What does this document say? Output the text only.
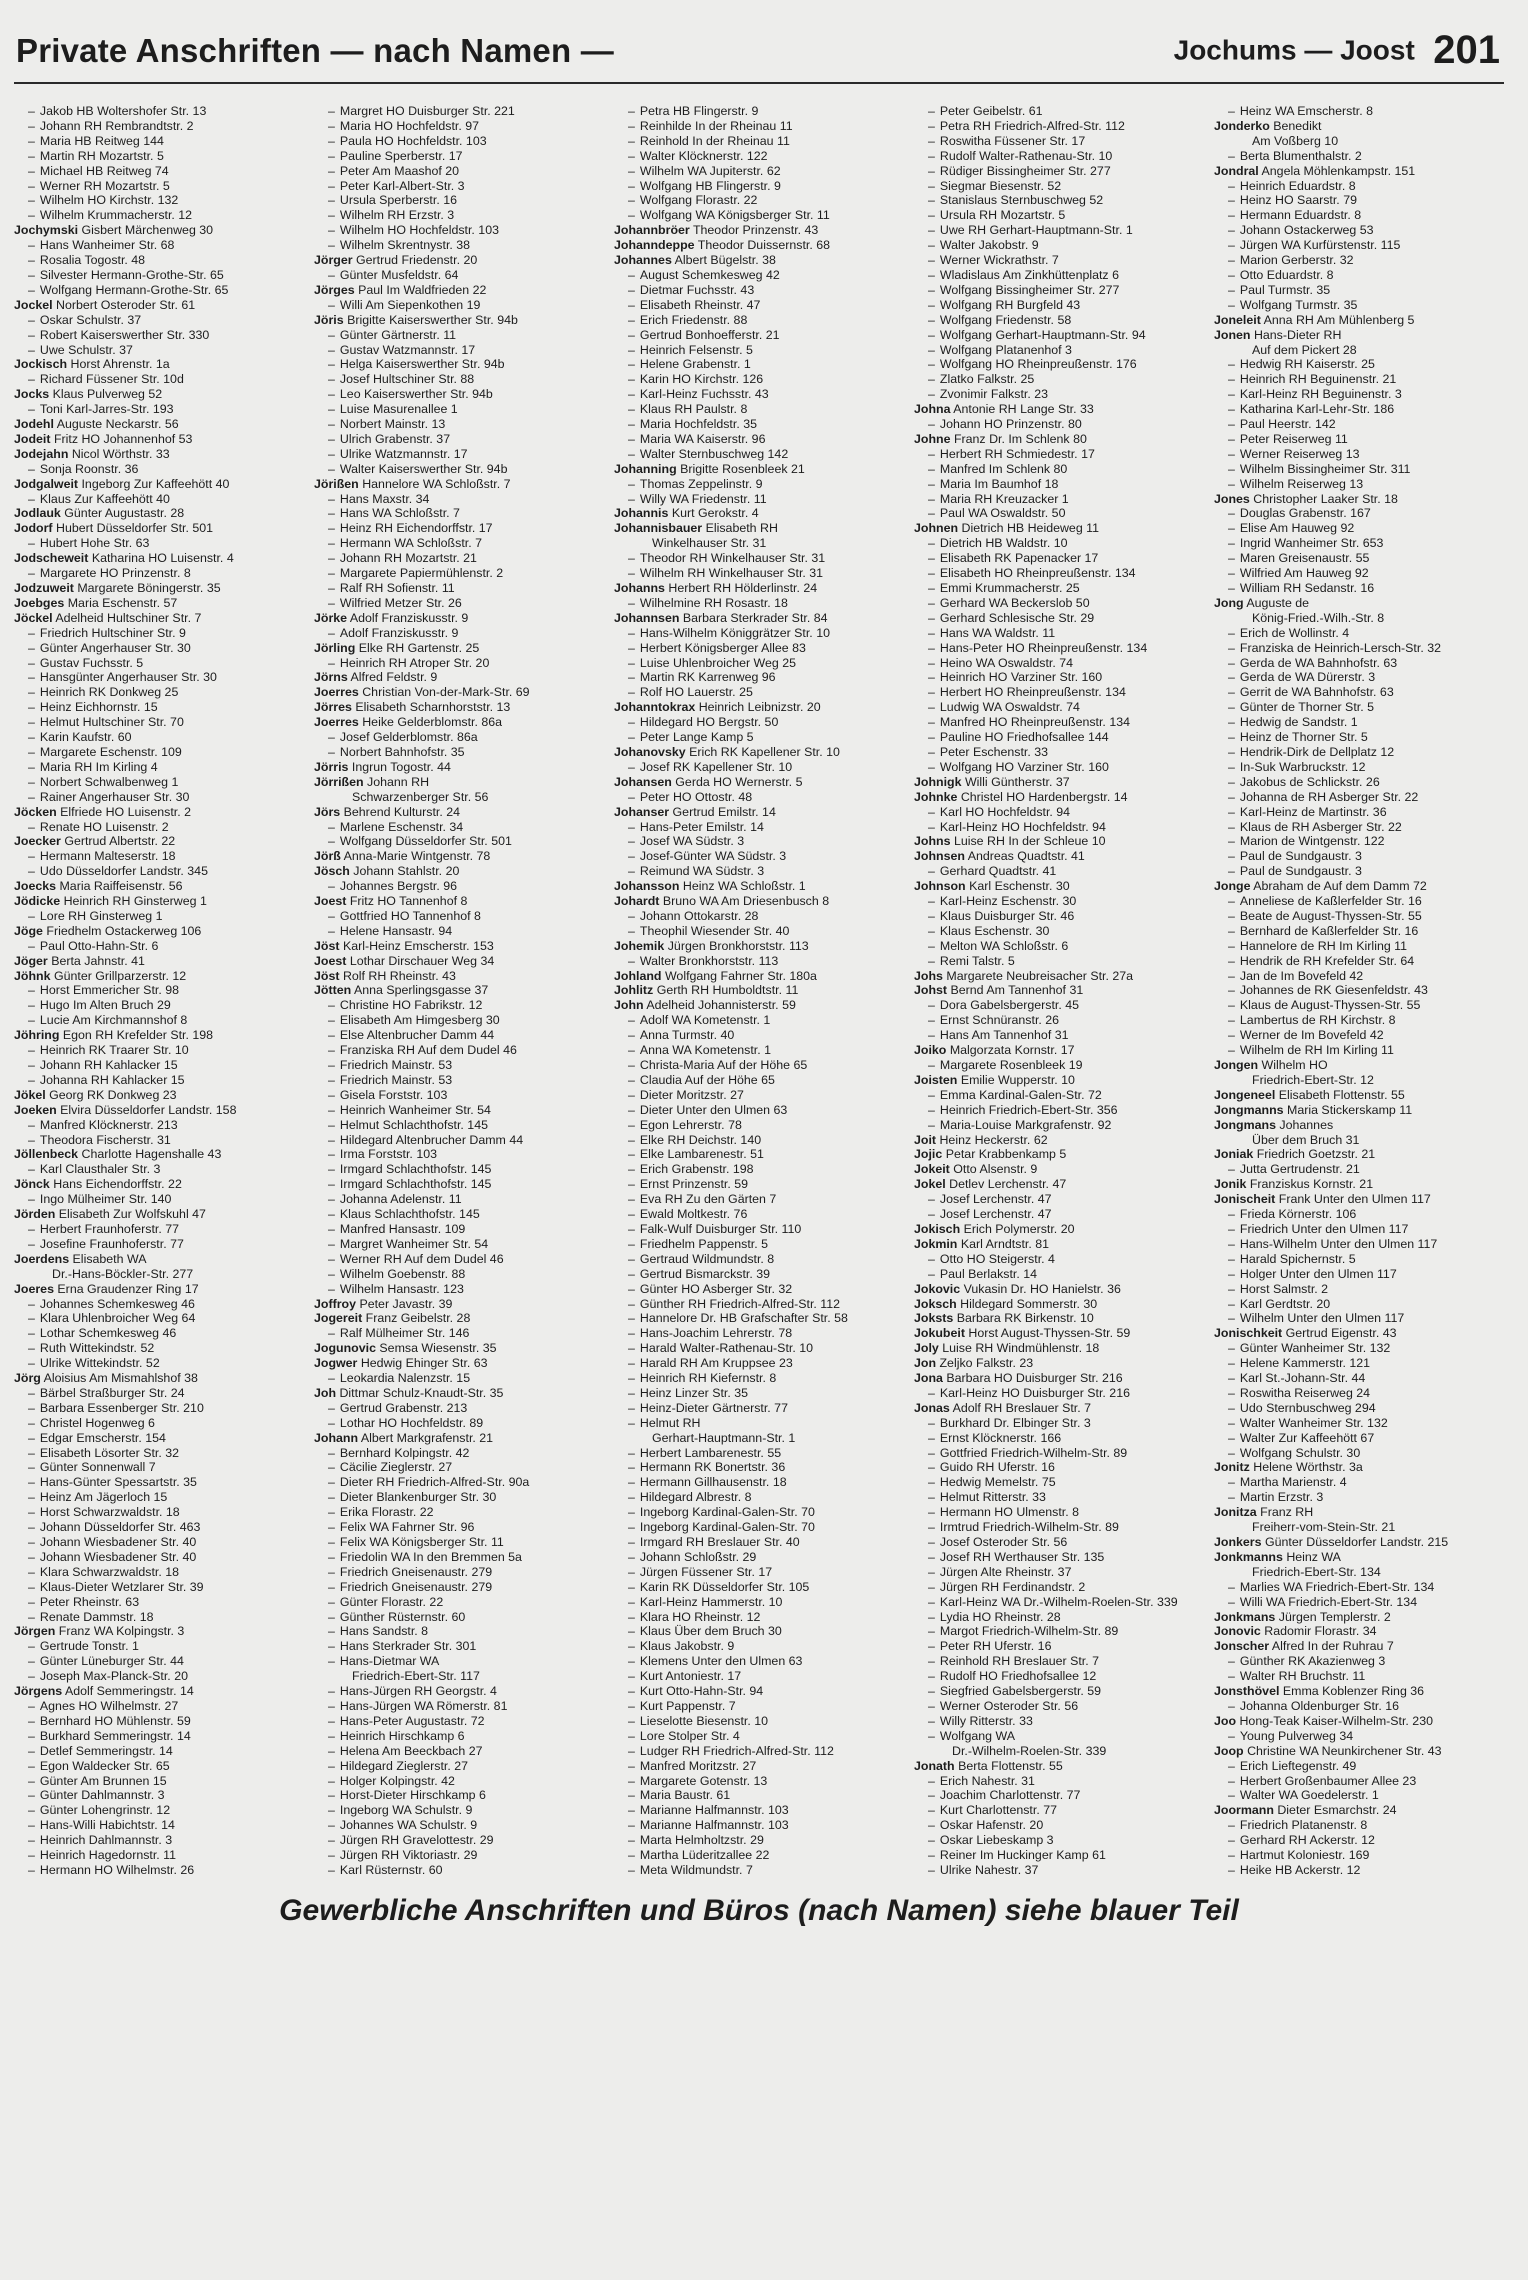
Private Anschriften — nach Namen —	Jochums — Joost 201
– Jakob HB Woltershofer Str. 13
– Johann RH Rembrandtstr. 2
– Maria HB Reitweg 144
– Martin RH Mozartstr. 5
– Michael HB Reitweg 74
– Werner RH Mozartstr. 5
– Wilhelm HO Kirchstr. 132
– Wilhelm Krummacherstr. 12
Jochymski Gisbert Märchenweg 30
– Hans Wanheimer Str. 68
– Rosalia Togostr. 48
– Silvester Hermann-Grothe-Str. 65
– Wolfgang Hermann-Grothe-Str. 65
Jockel Norbert Osteroder Str. 61
– Oskar Schulstr. 37
– Robert Kaiserswerther Str. 330
– Uwe Schulstr. 37
Jockisch Horst Ahrenstr. 1a
– Richard Füssener Str. 10d
Jocks Klaus Pulverweg 52
– Toni Karl-Jarres-Str. 193
Jodehl Auguste Neckarstr. 56
Jodeit Fritz HO Johannenhof 53
Jodejahn Nicol Wörthstr. 33
– Sonja Roonstr. 36
Jodgalweit Ingeborg Zur Kaffeehött 40
– Klaus Zur Kaffeehött 40
Jodlauk Günter Augustastr. 28
Jodorf Hubert Düsseldorfer Str. 501
– Hubert Hohe Str. 63
Jodscheweit Katharina HO Luisenstr. 4
– Margarete HO Prinzenstr. 8
Jodzuweit Margarete Böningerstr. 35
Joebges Maria Eschenstr. 57
Jöckel Adelheid Hultschiner Str. 7
– Friedrich Hultschiner Str. 9
– Günter Angerhauser Str. 30
– Gustav Fuchsstr. 5
– Hansgünter Angerhauser Str. 30
– Heinrich RK Donkweg 25
– Heinz Eichhornstr. 15
– Helmut Hultschiner Str. 70
– Karin Kaufstr. 60
– Margarete Eschenstr. 109
– Maria RH Im Kirling 4
– Norbert Schwalbenweg 1
– Rainer Angerhauser Str. 30
Jöcken Elfriede HO Luisenstr. 2
– Renate HO Luisenstr. 2
Joecker Gertrud Albertstr. 22
– Hermann Malteserstr. 18
– Udo Düsseldorfer Landstr. 345
Joecks Maria Raiffeisenstr. 56
Jödicke Heinrich RH Ginsterweg 1
– Lore RH Ginsterweg 1
Jöge Friedhelm Ostackerweg 106
– Paul Otto-Hahn-Str. 6
Jöger Berta Jahnstr. 41
Jöhnk Günter Grillparzerstr. 12
– Horst Emmericher Str. 98
– Hugo Im Alten Bruch 29
– Lucie Am Kirchmannshof 8
Jöhring Egon RH Krefelder Str. 198
– Heinrich RK Traarer Str. 10
– Johann RH Kahlacker 15
– Johanna RH Kahlacker 15
Jökel Georg RK Donkweg 23
Joeken Elvira Düsseldorfer Landstr. 158
– Manfred Klöcknerstr. 213
– Theodora Fischerstr. 31
Jöllenbeck Charlotte Hagenshalle 43
– Karl Clausthaler Str. 3
Jönck Hans Eichendorffstr. 22
– Ingo Mülheimer Str. 140
Jörden Elisabeth Zur Wolfskuhl 47
– Herbert Fraunhoferstr. 77
– Josefine Fraunhoferstr. 77
Joerdens Elisabeth WA
Dr.-Hans-Böckler-Str. 277
Joeres Erna Graudenzer Ring 17
– Johannes Schemkesweg 46
– Klara Uhlenbroicher Weg 64
– Lothar Schemkesweg 46
– Ruth Wittekindstr. 52
– Ulrike Wittekindstr. 52
Jörg Aloisius Am Mismahlshof 38
– Bärbel Straßburger Str. 24
– Barbara Essenberger Str. 210
– Christel Hogenweg 6
– Edgar Emscherstr. 154
– Elisabeth Lösorter Str. 32
– Günter Sonnenwall 7
– Hans-Günter Spessartstr. 35
– Heinz Am Jägerloch 15
– Horst Schwarzwaldstr. 18
– Johann Düsseldorfer Str. 463
– Johann Wiesbadener Str. 40
– Johann Wiesbadener Str. 40
– Klara Schwarzwaldstr. 18
– Klaus-Dieter Wetzlarer Str. 39
– Peter Rheinstr. 63
– Renate Dammstr. 18
Jörgen Franz WA Kolpingstr. 3
– Gertrude Tonstr. 1
– Günter Lüneburger Str. 44
– Joseph Max-Planck-Str. 20
Jörgens Adolf Semmeringstr. 14
– Agnes HO Wilhelmstr. 27
– Bernhard HO Mühlenstr. 59
– Burkhard Semmeringstr. 14
– Detlef Semmeringstr. 14
– Egon Waldecker Str. 65
– Günter Am Brunnen 15
– Günter Dahlmannstr. 3
– Günter Lohengrinstr. 12
– Hans-Willi Habichtstr. 14
– Heinrich Dahlmannstr. 3
– Heinrich Hagedornstr. 11
– Hermann HO Wilhelmstr. 26
– Margret HO Duisburger Str. 221
– Maria HO Hochfeldstr. 97
– Paula HO Hochfeldstr. 103
– Pauline Sperberstr. 17
– Peter Am Maashof 20
– Peter Karl-Albert-Str. 3
– Ursula Sperberstr. 16
– Wilhelm RH Erzstr. 3
– Wilhelm HO Hochfeldstr. 103
– Wilhelm Skrentnystr. 38
Jörger Gertrud Friedenstr. 20
– Günter Musfeldstr. 64
Jörges Paul Im Waldfrieden 22
– Willi Am Siepenkothen 19
Jöris Brigitte Kaiserswerther Str. 94b
– Günter Gärtnerstr. 11
– Gustav Watzmannstr. 17
– Helga Kaiserswerther Str. 94b
– Josef Hultschiner Str. 88
– Leo Kaiserswerther Str. 94b
– Luise Masurenallee 1
– Norbert Mainstr. 13
– Ulrich Grabenstr. 37
– Ulrike Watzmannstr. 17
– Walter Kaiserswerther Str. 94b
Jörißen Hannelore WA Schloßstr. 7
– Hans Maxstr. 34
– Hans WA Schloßstr. 7
– Heinz RH Eichendorffstr. 17
– Hermann WA Schloßstr. 7
– Johann RH Mozartstr. 21
– Margarete Papiermühlenstr. 2
– Ralf RH Sofienstr. 11
– Wilfried Metzer Str. 26
Jörke Adolf Franziskusstr. 9
– Adolf Franziskusstr. 9
Jörling Elke RH Gartenstr. 25
– Heinrich RH Atroper Str. 20
Jörns Alfred Feldstr. 9
Joerres Christian Von-der-Mark-Str. 69
Jörres Elisabeth Scharnhorststr. 13
Joerres Heike Gelderblomstr. 86a
– Josef Gelderblomstr. 86a
– Norbert Bahnhofstr. 35
Jörris Ingrun Togostr. 44
Jörrißen Johann RH
Schwarzenberger Str. 56
Jörs Behrend Kulturstr. 24
– Marlene Eschenstr. 34
– Wolfgang Düsseldorfer Str. 501
Jörß Anna-Marie Wintgenstr. 78
Jösch Johann Stahlstr. 20
– Johannes Bergstr. 96
Joest Fritz HO Tannenhof 8
– Gottfried HO Tannenhof 8
– Helene Hansastr. 94
Jöst Karl-Heinz Emscherstr. 153
Joest Lothar Dirschauer Weg 34
Jöst Rolf RH Rheinstr. 43
Jötten Anna Sperlingsgasse 37
– Christine HO Fabrikstr. 12
– Elisabeth Am Himgesberg 30
– Else Altenbrucher Damm 44
– Franziska RH Auf dem Dudel 46
– Friedrich Mainstr. 53
– Friedrich Mainstr. 53
– Gisela Forststr. 103
– Heinrich Wanheimer Str. 54
– Helmut Schlachthofstr. 145
– Hildegard Altenbrucher Damm 44
– Irma Forststr. 103
– Irmgard Schlachthofstr. 145
– Irmgard Schlachthofstr. 145
– Johanna Adelenstr. 11
– Klaus Schlachthofstr. 145
– Manfred Hansastr. 109
– Margret Wanheimer Str. 54
– Werner RH Auf dem Dudel 46
– Wilhelm Goebenstr. 88
– Wilhelm Hansastr. 123
Joffroy Peter Javastr. 39
Jogereit Franz Geibelstr. 28
– Ralf Mülheimer Str. 146
Jogunovic Semsa Wiesenstr. 35
Jogwer Hedwig Ehinger Str. 63
– Leokardia Nalenzstr. 15
Joh Dittmar Schulz-Knaudt-Str. 35
– Gertrud Grabenstr. 213
– Lothar HO Hochfeldstr. 89
Johann Albert Markgrafenstr. 21
– Bernhard Kolpingstr. 42
– Cäcilie Zieglerstr. 27
– Dieter RH Friedrich-Alfred-Str. 90a
– Dieter Blankenburger Str. 30
– Erika Florastr. 22
– Felix WA Fahrner Str. 96
– Felix WA Königsberger Str. 11
– Friedolin WA In den Bremmen 5a
– Friedrich Gneisenaustr. 279
– Friedrich Gneisenaustr. 279
– Günter Florastr. 22
– Günther Rüsternstr. 60
– Hans Sandstr. 8
– Hans Sterkrader Str. 301
– Hans-Dietmar WA
Friedrich-Ebert-Str. 117
– Hans-Jürgen RH Georgstr. 4
– Hans-Jürgen WA Römerstr. 81
– Hans-Peter Augustastr. 72
– Heinrich Hirschkamp 6
– Helena Am Beeckbach 27
– Hildegard Zieglerstr. 27
– Holger Kolpingstr. 42
– Horst-Dieter Hirschkamp 6
– Ingeborg WA Schulstr. 9
– Johannes WA Schulstr. 9
– Jürgen RH Gravelottestr. 29
– Jürgen RH Viktoriastr. 29
– Karl Rüsternstr. 60
– Petra HB Flingerstr. 9
– Reinhilde In der Rheinau 11
– Reinhold In der Rheinau 11
– Walter Klöcknerstr. 122
– Wilhelm WA Jupiterstr. 62
– Wolfgang HB Flingerstr. 9
– Wolfgang Florastr. 22
– Wolfgang WA Königsberger Str. 11
Johannbröer Theodor Prinzenstr. 43
Johanndeppe Theodor Duissernstr. 68
Johannes Albert Bügelstr. 38
– August Schemkesweg 42
– Dietmar Fuchsstr. 43
– Elisabeth Rheinstr. 47
– Erich Friedenstr. 88
– Gertrud Bonhoefferstr. 21
– Heinrich Felsenstr. 5
– Helene Grabenstr. 1
– Karin HO Kirchstr. 126
– Karl-Heinz Fuchsstr. 43
– Klaus RH Paulstr. 8
– Maria Hochfeldstr. 35
– Maria WA Kaiserstr. 96
– Walter Sternbuschweg 142
Johanning Brigitte Rosenbleek 21
– Thomas Zeppelinstr. 9
– Willy WA Friedenstr. 11
Johannis Kurt Gerokstr. 4
Johannisbauer Elisabeth RH
Winkelhauser Str. 31
– Theodor RH Winkelhauser Str. 31
– Wilhelm RH Winkelhauser Str. 31
Johanns Herbert RH Hölderlinstr. 24
– Wilhelmine RH Rosastr. 18
Johannsen Barbara Sterkrader Str. 84
– Hans-Wilhelm Königgrätzer Str. 10
– Herbert Königsberger Allee 83
– Luise Uhlenbroicher Weg 25
– Martin RK Karrenweg 96
– Rolf HO Lauerstr. 25
Johanntokrax Heinrich Leibnizstr. 20
– Hildegard HO Bergstr. 50
– Peter Lange Kamp 5
Johanovsky Erich RK Kapellener Str. 10
– Josef RK Kapellener Str. 10
Johansen Gerda HO Wernerstr. 5
– Peter HO Ottostr. 48
Johanser Gertrud Emilstr. 14
– Hans-Peter Emilstr. 14
– Josef WA Südstr. 3
– Josef-Günter WA Südstr. 3
– Reimund WA Südstr. 3
Johansson Heinz WA Schloßstr. 1
Johardt Bruno WA Am Driesenbusch 8
– Johann Ottokarstr. 28
– Theophil Wiesender Str. 40
Johemik Jürgen Bronkhorststr. 113
– Walter Bronkhorststr. 113
Johland Wolfgang Fahrner Str. 180a
Johlitz Gerth RH Humboldtstr. 11
John Adelheid Johannisterstr. 59
– Adolf WA Kometenstr. 1
– Anna Turmstr. 40
– Anna WA Kometenstr. 1
– Christa-Maria Auf der Höhe 65
– Claudia Auf der Höhe 65
– Dieter Moritzstr. 27
– Dieter Unter den Ulmen 63
– Egon Lehrerstr. 78
– Elke RH Deichstr. 140
– Elke Lambarenestr. 51
– Erich Grabenstr. 198
– Ernst Prinzenstr. 59
– Eva RH Zu den Gärten 7
– Ewald Moltkestr. 76
– Falk-Wulf Duisburger Str. 110
– Friedhelm Pappenstr. 5
– Gertraud Wildmundstr. 8
– Gertrud Bismarckstr. 39
– Günter HO Asberger Str. 32
– Günther RH Friedrich-Alfred-Str. 112
– Hannelore Dr. HB Grafschafter Str. 58
– Hans-Joachim Lehrerstr. 78
– Harald Walter-Rathenau-Str. 10
– Harald RH Am Kruppsee 23
– Heinrich RH Kiefernstr. 8
– Heinz Linzer Str. 35
– Heinz-Dieter Gärtnerstr. 77
– Helmut RH
Gerhart-Hauptmann-Str. 1
– Herbert Lambarenestr. 55
– Hermann RK Bonertstr. 36
– Hermann Gillhausenstr. 18
– Hildegard Albrestr. 8
– Ingeborg Kardinal-Galen-Str. 70
– Ingeborg Kardinal-Galen-Str. 70
– Irmgard RH Breslauer Str. 40
– Johann Schloßstr. 29
– Jürgen Füssener Str. 17
– Karin RK Düsseldorfer Str. 105
– Karl-Heinz Hammerstr. 10
– Klara HO Rheinstr. 12
– Klaus Über dem Bruch 30
– Klaus Jakobstr. 9
– Klemens Unter den Ulmen 63
– Kurt Antoniestr. 17
– Kurt Otto-Hahn-Str. 94
– Kurt Pappenstr. 7
– Lieselotte Biesenstr. 10
– Lore Stolper Str. 4
– Ludger RH Friedrich-Alfred-Str. 112
– Manfred Moritzstr. 27
– Margarete Gotenstr. 13
– Maria Baustr. 61
– Marianne Halfmannstr. 103
– Marianne Halfmannstr. 103
– Marta Helmholtzstr. 29
– Martha Lüderitzallee 22
– Meta Wildmundstr. 7
– Peter Geibelstr. 61
– Petra RH Friedrich-Alfred-Str. 112
– Roswitha Füssener Str. 17
– Rudolf Walter-Rathenau-Str. 10
– Rüdiger Bissingheimer Str. 277
– Siegmar Biesenstr. 52
– Stanislaus Sternbuschweg 52
– Ursula RH Mozartstr. 5
– Uwe RH Gerhart-Hauptmann-Str. 1
– Walter Jakobstr. 9
– Werner Wickrathstr. 7
– Wladislaus Am Zinkhüttenplatz 6
– Wolfgang Bissingheimer Str. 277
– Wolfgang RH Burgfeld 43
– Wolfgang Friedenstr. 58
– Wolfgang Gerhart-Hauptmann-Str. 94
– Wolfgang Platanenhof 3
– Wolfgang HO Rheinpreußenstr. 176
– Zlatko Falkstr. 25
– Zvonimir Falkstr. 23
Johna Antonie RH Lange Str. 33
– Johann HO Prinzenstr. 80
Johne Franz Dr. Im Schlenk 80
– Herbert RH Schmiedestr. 17
– Manfred Im Schlenk 80
– Maria Im Baumhof 18
– Maria RH Kreuzacker 1
– Paul WA Oswaldstr. 50
Johnen Dietrich HB Heideweg 11
– Dietrich HB Waldstr. 10
– Elisabeth RK Papenacker 17
– Elisabeth HO Rheinpreußenstr. 134
– Emmi Krummacherstr. 25
– Gerhard WA Beckerslob 50
– Gerhard Schlesische Str. 29
– Hans WA Waldstr. 11
– Hans-Peter HO Rheinpreußenstr. 134
– Heino WA Oswaldstr. 74
– Heinrich HO Varziner Str. 160
– Herbert HO Rheinpreußenstr. 134
– Ludwig WA Oswaldstr. 74
– Manfred HO Rheinpreußenstr. 134
– Pauline HO Friedhofsallee 144
– Peter Eschenstr. 33
– Wolfgang HO Varziner Str. 160
Johnigk Willi Güntherstr. 37
Johnke Christel HO Hardenbergstr. 14
– Karl HO Hochfeldstr. 94
– Karl-Heinz HO Hochfeldstr. 94
Johns Luise RH In der Schleue 10
Johnsen Andreas Quadtstr. 41
– Gerhard Quadtstr. 41
Johnson Karl Eschenstr. 30
– Karl-Heinz Eschenstr. 30
– Klaus Duisburger Str. 46
– Klaus Eschenstr. 30
– Melton WA Schloßstr. 6
– Remi Talstr. 5
Johs Margarete Neubreisacher Str. 27a
Johst Bernd Am Tannenhof 31
– Dora Gabelsbergerstr. 45
– Ernst Schnüranstr. 26
– Hans Am Tannenhof 31
Joiko Malgorzata Kornstr. 17
– Margarete Rosenbleek 19
Joisten Emilie Wupperstr. 10
– Emma Kardinal-Galen-Str. 72
– Heinrich Friedrich-Ebert-Str. 356
– Maria-Louise Markgrafenstr. 92
Joit Heinz Heckerstr. 62
Jojic Petar Krabbenkamp 5
Jokeit Otto Alsenstr. 9
Jokel Detlev Lerchenstr. 47
– Josef Lerchenstr. 47
– Josef Lerchenstr. 47
Jokisch Erich Polymerstr. 20
Jokmin Karl Arndtstr. 81
– Otto HO Steigerstr. 4
– Paul Berlakstr. 14
Jokovic Vukasin Dr. HO Hanielstr. 36
Joksch Hildegard Sommerstr. 30
Joksts Barbara RK Birkenstr. 10
Jokubeit Horst August-Thyssen-Str. 59
Joly Luise RH Windmühlenstr. 18
Jon Zeljko Falkstr. 23
Jona Barbara HO Duisburger Str. 216
– Karl-Heinz HO Duisburger Str. 216
Jonas Adolf RH Breslauer Str. 7
– Burkhard Dr. Elbinger Str. 3
– Ernst Klöcknerstr. 166
– Gottfried Friedrich-Wilhelm-Str. 89
– Guido RH Uferstr. 16
– Hedwig Memelstr. 75
– Helmut Ritterstr. 33
– Hermann HO Ulmenstr. 8
– Irmtrud Friedrich-Wilhelm-Str. 89
– Josef Osteroder Str. 56
– Josef RH Werthauser Str. 135
– Jürgen Alte Rheinstr. 37
– Jürgen RH Ferdinandstr. 2
– Karl-Heinz WA Dr.-Wilhelm-Roelen-Str. 339
– Lydia HO Rheinstr. 28
– Margot Friedrich-Wilhelm-Str. 89
– Peter RH Uferstr. 16
– Reinhold RH Breslauer Str. 7
– Rudolf HO Friedhofsallee 12
– Siegfried Gabelsbergerstr. 59
– Werner Osteroder Str. 56
– Willy Ritterstr. 33
– Wolfgang WA
Dr.-Wilhelm-Roelen-Str. 339
Jonath Berta Flottenstr. 55
– Erich Nahestr. 31
– Joachim Charlottenstr. 77
– Kurt Charlottenstr. 77
– Oskar Hafenstr. 20
– Oskar Liebeskamp 3
– Reiner Im Huckinger Kamp 61
– Ulrike Nahestr. 37
– Heinz WA Emscherstr. 8
Jonderko Benedikt
Am Voßberg 10
– Berta Blumenthalstr. 2
Jondral Angela Möhlenkampstr. 151
– Heinrich Eduardstr. 8
– Heinz HO Saarstr. 79
– Hermann Eduardstr. 8
– Johann Ostackerweg 53
– Jürgen WA Kurfürstenstr. 115
– Marion Gerberstr. 32
– Otto Eduardstr. 8
– Paul Turmstr. 35
– Wolfgang Turmstr. 35
Joneleit Anna RH Am Mühlenberg 5
Jonen Hans-Dieter RH
Auf dem Pickert 28
– Hedwig RH Kaiserstr. 25
– Heinrich RH Beguinenstr. 21
– Karl-Heinz RH Beguinenstr. 3
– Katharina Karl-Lehr-Str. 186
– Paul Heerstr. 142
– Peter Reiserweg 11
– Werner Reiserweg 13
– Wilhelm Bissingheimer Str. 311
– Wilhelm Reiserweg 13
Jones Christopher Laaker Str. 18
– Douglas Grabenstr. 167
– Elise Am Hauweg 92
– Ingrid Wanheimer Str. 653
– Maren Greisenaustr. 55
– Wilfried Am Hauweg 92
– William RH Sedanstr. 16
Jong Auguste de
König-Fried.-Wilh.-Str. 8
– Erich de Wollinstr. 4
– Franziska de Heinrich-Lersch-Str. 32
– Gerda de WA Bahnhofstr. 63
– Gerda de WA Dürerstr. 3
– Gerrit de WA Bahnhofstr. 63
– Günter de Thorner Str. 5
– Hedwig de Sandstr. 1
– Heinz de Thorner Str. 5
– Hendrik-Dirk de Dellplatz 12
– In-Suk Warbruckstr. 12
– Jakobus de Schlickstr. 26
– Johanna de RH Asberger Str. 22
– Karl-Heinz de Martinstr. 36
– Klaus de RH Asberger Str. 22
– Marion de Wintgenstr. 122
– Paul de Sundgaustr. 3
– Paul de Sundgaustr. 3
Jonge Abraham de Auf dem Damm 72
– Anneliese de Kaßlerfelder Str. 16
– Beate de August-Thyssen-Str. 55
– Bernhard de Kaßlerfelder Str. 16
– Hannelore de RH Im Kirling 11
– Hendrik de RH Krefelder Str. 64
– Jan de Im Bovefeld 42
– Johannes de RK Giesenfeldstr. 43
– Klaus de August-Thyssen-Str. 55
– Lambertus de RH Kirchstr. 8
– Werner de Im Bovefeld 42
– Wilhelm de RH Im Kirling 11
Jongen Wilhelm HO
Friedrich-Ebert-Str. 12
Jongeneel Elisabeth Flottenstr. 55
Jongmanns Maria Stickerskamp 11
Jongmans Johannes
Über dem Bruch 31
Joniak Friedrich Goetzstr. 21
– Jutta Gertrudenstr. 21
Jonik Franziskus Kornstr. 21
Jonischeit Frank Unter den Ulmen 117
– Frieda Körnerstr. 106
– Friedrich Unter den Ulmen 117
– Hans-Wilhelm Unter den Ulmen 117
– Harald Spichernstr. 5
– Holger Unter den Ulmen 117
– Horst Salmstr. 2
– Karl Gerdtstr. 20
– Wilhelm Unter den Ulmen 117
Jonischkeit Gertrud Eigenstr. 43
– Günter Wanheimer Str. 132
– Helene Kammerstr. 121
– Karl St.-Johann-Str. 44
– Roswitha Reiserweg 24
– Udo Sternbuschweg 294
– Walter Wanheimer Str. 132
– Walter Zur Kaffeehött 67
– Wolfgang Schulstr. 30
Jonitz Helene Wörthstr. 3a
– Martha Marienstr. 4
– Martin Erzstr. 3
Jonitza Franz RH
Freiherr-vom-Stein-Str. 21
Jonkers Günter Düsseldorfer Landstr. 215
Jonkmanns Heinz WA
Friedrich-Ebert-Str. 134
– Marlies WA Friedrich-Ebert-Str. 134
– Willi WA Friedrich-Ebert-Str. 134
Jonkmans Jürgen Templerstr. 2
Jonovic Radomir Florastr. 34
Jonscher Alfred In der Ruhrau 7
– Günther RK Akazienweg 3
– Walter RH Bruchstr. 11
Jonsthövel Emma Koblenzer Ring 36
– Johanna Oldenburger Str. 16
Joo Hong-Teak Kaiser-Wilhelm-Str. 230
– Young Pulverweg 34
Joop Christine WA Neunkirchener Str. 43
– Erich Lieftegenstr. 49
– Herbert Großenbaumer Allee 23
– Walter WA Goedelerstr. 1
Joormann Dieter Esmarchstr. 24
– Friedrich Platanenstr. 8
– Gerhard RH Ackerstr. 12
– Hartmut Koloniestr. 169
– Heike HB Ackerstr. 12
Gewerbliche Anschriften und Büros (nach Namen) siehe blauer Teil
